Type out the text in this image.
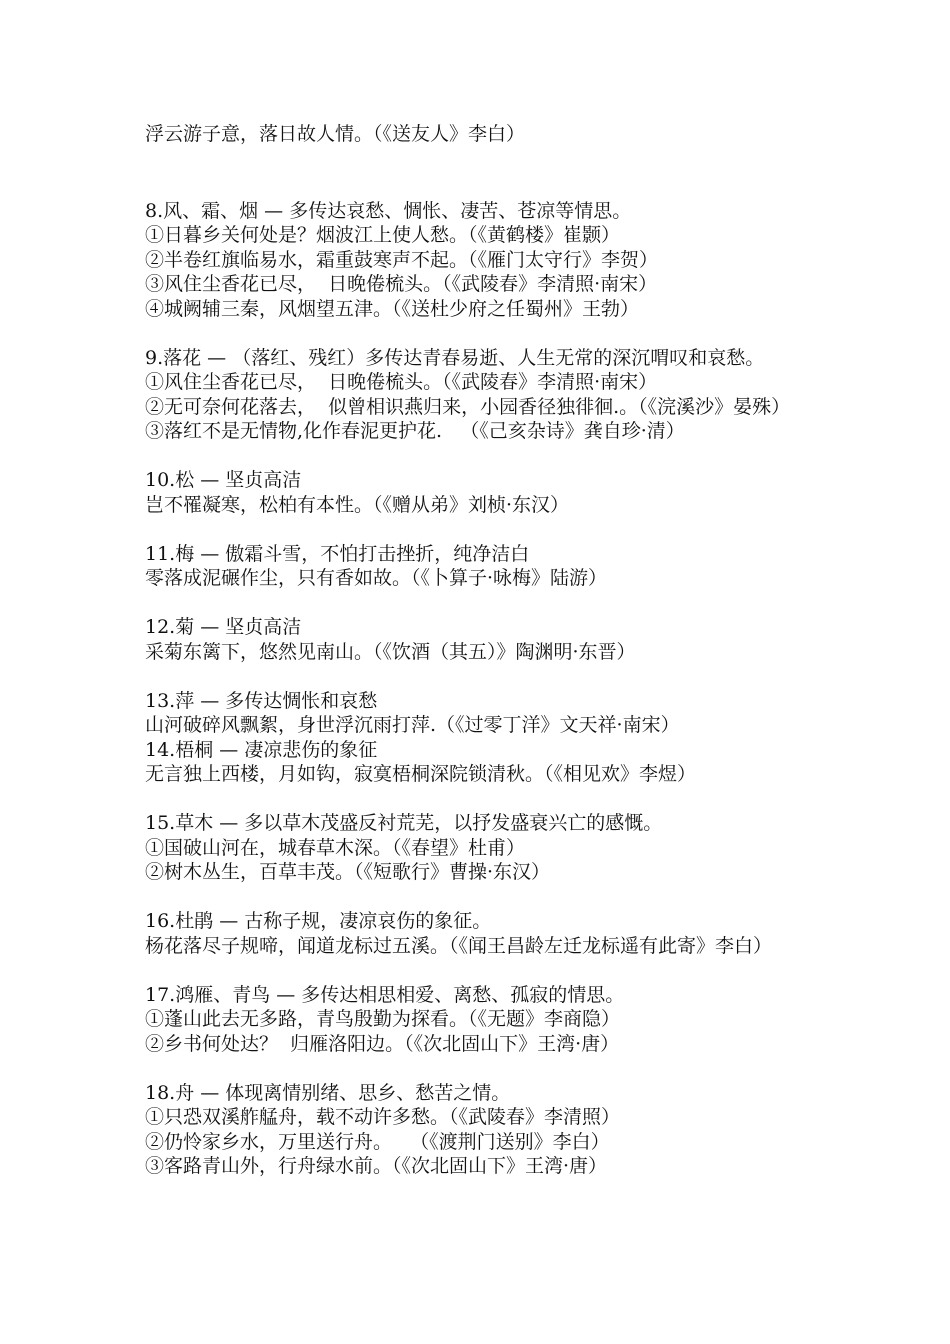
浮云游子意，落日故人情。（《送友人》李白）
8.风、霜、烟 — 多传达哀愁、惆怅、凄苦、苍凉等情思。
①日暮乡关何处是？烟波江上使人愁。（《黄鹤楼》崔颢）
②半卷红旗临易水，霜重鼓寒声不起。（《雁门太守行》李贺）
③风住尘香花已尽，  日晚倦梳头。（《武陵春》李清照·南宋）
④城阙辅三秦，风烟望五津。（《送杜少府之任蜀州》王勃）
9.落花 — （落红、残红）多传达青春易逝、人生无常的深沉喟叹和哀愁。
①风住尘香花已尽，  日晚倦梳头。（《武陵春》李清照·南宋）
②无可奈何花落去，  似曾相识燕归来，小园香径独徘徊.。（《浣溪沙》晏殊）
③落红不是无情物,化作春泥更护花.   （《己亥杂诗》龚自珍·清）
10.松 — 坚贞高洁
岂不罹凝寒，松柏有本性。（《赠从弟》刘桢·东汉）
11.梅 — 傲霜斗雪，不怕打击挫折，纯净洁白
零落成泥碾作尘，只有香如故。（《卜算子·咏梅》陆游）
12.菊 — 坚贞高洁
采菊东篱下，悠然见南山。（《饮酒（其五）》陶渊明·东晋）
13.萍 — 多传达惆怅和哀愁
山河破碎风飘絮，身世浮沉雨打萍.（《过零丁洋》文天祥·南宋）
14.梧桐 — 凄凉悲伤的象征
无言独上西楼，月如钩，寂寞梧桐深院锁清秋。（《相见欢》李煜）
15.草木 — 多以草木茂盛反衬荒芜，以抒发盛衰兴亡的感慨。
①国破山河在，城春草木深。（《春望》杜甫）
②树木丛生，百草丰茂。（《短歌行》曹操·东汉）
16.杜鹃 — 古称子规，凄凉哀伤的象征。
杨花落尽子规啼，闻道龙标过五溪。（《闻王昌龄左迁龙标遥有此寄》李白）
17.鸿雁、青鸟 — 多传达相思相爱、离愁、孤寂的情思。
①蓬山此去无多路，青鸟殷勤为探看。（《无题》李商隐）
②乡书何处达？  归雁洛阳边。（《次北固山下》王湾·唐）
18.舟 — 体现离情别绪、思乡、愁苦之情。
①只恐双溪舴艋舟，载不动许多愁。（《武陵春》李清照）
②仍怜家乡水，万里送行舟。   （《渡荆门送别》李白）
③客路青山外，行舟绿水前。（《次北固山下》王湾·唐）
